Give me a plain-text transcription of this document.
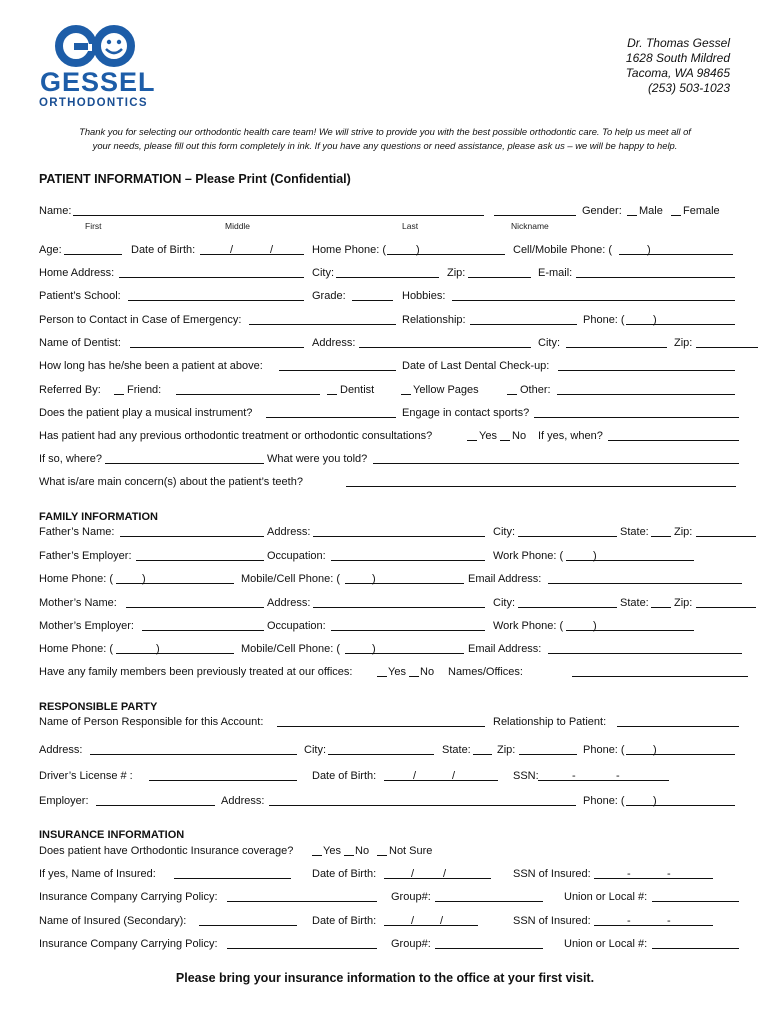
GESSEL
ORTHODONTICS
Dr. Thomas Gessel
1628 South Mildred
Tacoma, WA 98465
(253) 503-1023
Thank you for selecting our orthodontic health care team! We will strive to provide you with the best possible orthodontic care. To help us meet all of
your needs, please fill out this form completely in ink. If you have any questions or need assistance, please ask us – we will be happy to help.
PATIENT INFORMATION – Please Print (Confidential)
Name:	Gender: Male Female
First	Middle	Last	Nickname
Age:	Date of Birth:	/	/	Home Phone: (	)	Cell/Mobile Phone: (	)
Home Address:	City:	Zip:	E-mail:
Patient’s School:	Grade:	Hobbies:
Person to Contact in Case of Emergency:	Relationship:	Phone: (	)
Name of Dentist:	Address:	City:	Zip:
How long has he/she been a patient at above:	Date of Last Dental Check-up:
Referred By: Friend:	Dentist	Yellow Pages	Other:
Does the patient play a musical instrument?	Engage in contact sports?
Has patient had any previous orthodontic treatment or orthodontic consultations?	Yes No If yes, when?
If so, where?	What were you told?
What is/are main concern(s) about the patient’s teeth?
FAMILY INFORMATION
Father’s Name:	Address:	City:	State: Zip:
Father’s Employer:	Occupation:	Work Phone: (	)
Home Phone: (	)	Mobile/Cell Phone: (	)	Email Address:
Mother’s Name:	Address:	City:	State: Zip:
Mother’s Employer:	Occupation:	Work Phone: (	)
Home Phone: (	)	Mobile/Cell Phone: (	)	Email Address:
Have any family members been previously treated at our offices:	Yes No Names/Offices:
RESPONSIBLE PARTY
Name of Person Responsible for this Account:	Relationship to Patient:
Address:	City:	State: Zip:	Phone: (	)
Driver’s License # :	Date of Birth:	/	/	SSN:	-	-
Employer:	Address:	Phone: (	)
INSURANCE INFORMATION
Does patient have Orthodontic Insurance coverage?	Yes No Not Sure
If yes, Name of Insured:	Date of Birth:	/	/	SSN of Insured:	-	-
Insurance Company Carrying Policy:	Group#:	Union or Local #:
Name of Insured (Secondary):	Date of Birth:	/ /	SSN of Insured:	-	-
Insurance Company Carrying Policy:	Group#:	Union or Local #:
Please bring your insurance information to the office at your first visit.
